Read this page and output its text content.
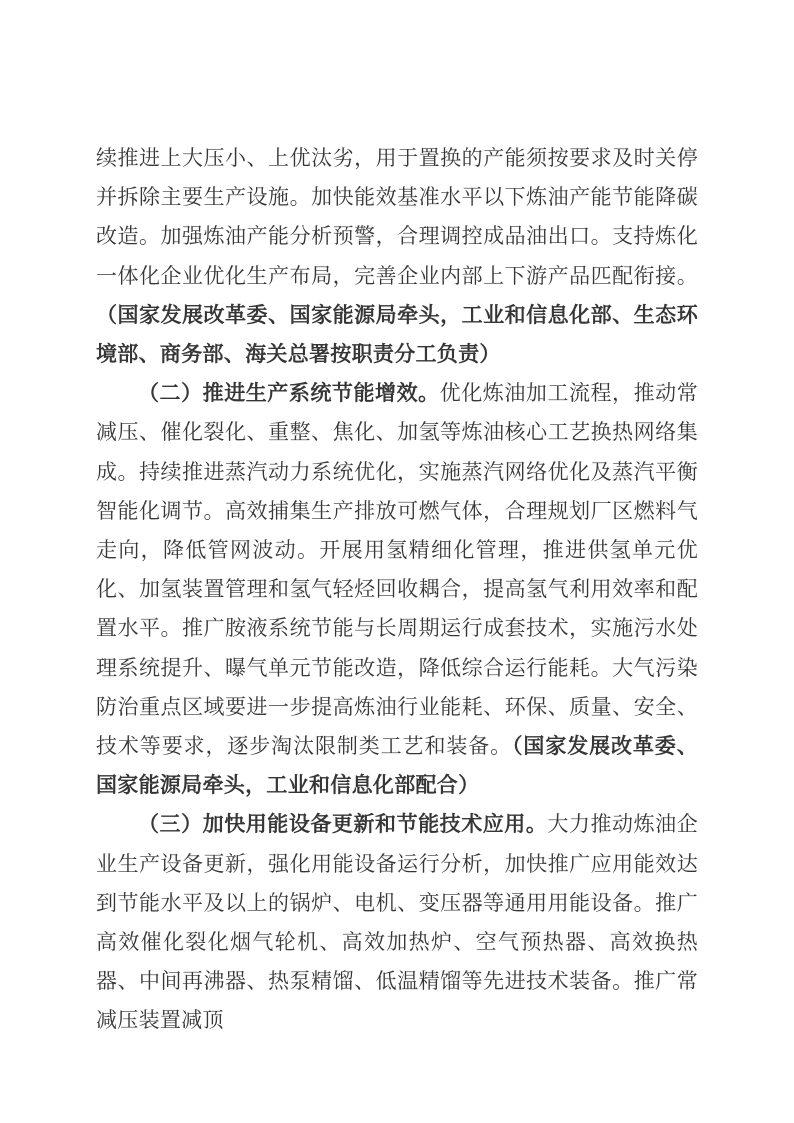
续推进上大压小、上优汰劣，用于置换的产能须按要求及时关停并拆除主要生产设施。加快能效基准水平以下炼油产能节能降碳改造。加强炼油产能分析预警，合理调控成品油出口。支持炼化一体化企业优化生产布局，完善企业内部上下游产品匹配衔接。（国家发展改革委、国家能源局牵头，工业和信息化部、生态环境部、商务部、海关总署按职责分工负责）

（二）推进生产系统节能增效。优化炼油加工流程，推动常减压、催化裂化、重整、焦化、加氢等炼油核心工艺换热网络集成。持续推进蒸汽动力系统优化，实施蒸汽网络优化及蒸汽平衡智能化调节。高效捕集生产排放可燃气体，合理规划厂区燃料气走向，降低管网波动。开展用氢精细化管理，推进供氢单元优化、加氢装置管理和氢气轻烃回收耦合，提高氢气利用效率和配置水平。推广胺液系统节能与长周期运行成套技术，实施污水处理系统提升、曝气单元节能改造，降低综合运行能耗。大气污染防治重点区域要进一步提高炼油行业能耗、环保、质量、安全、技术等要求，逐步淘汰限制类工艺和装备。（国家发展改革委、国家能源局牵头，工业和信息化部配合）

（三）加快用能设备更新和节能技术应用。大力推动炼油企业生产设备更新，强化用能设备运行分析，加快推广应用能效达到节能水平及以上的锅炉、电机、变压器等通用用能设备。推广高效催化裂化烟气轮机、高效加热炉、空气预热器、高效换热器、中间再沸器、热泵精馏、低温精馏等先进技术装备。推广常减压装置减顶
